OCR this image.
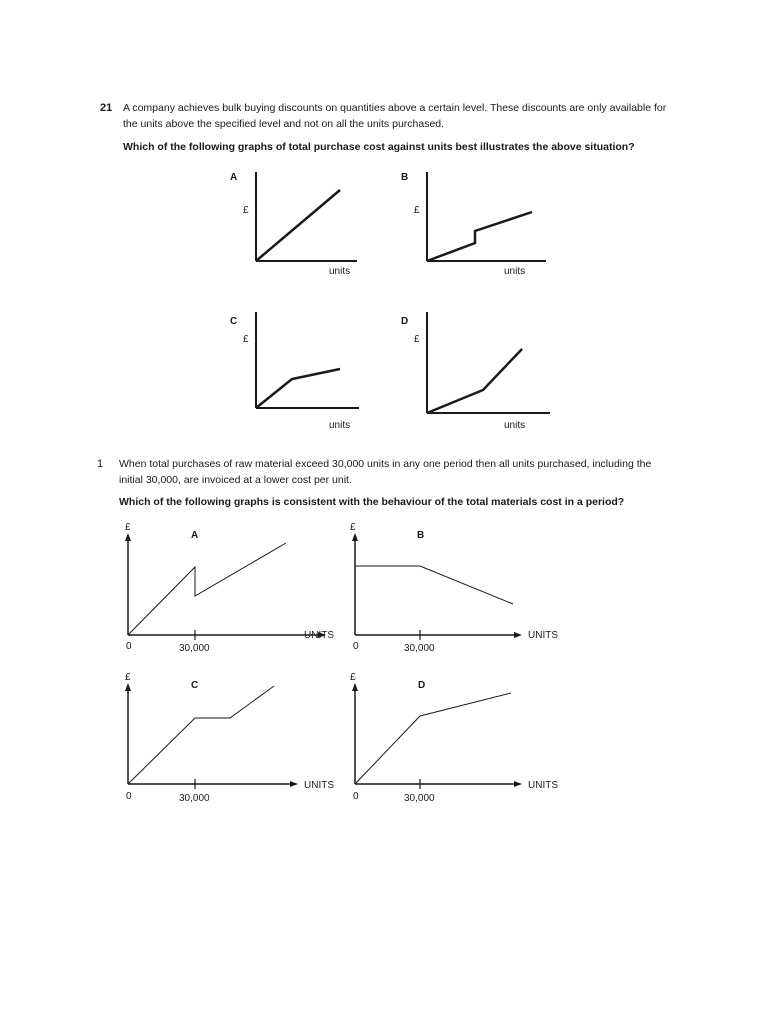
21 A company achieves bulk buying discounts on quantities above a certain level. These discounts are only available for
the units above the specified level and not on all the units purchased.
Which of the following graphs of total purchase cost against units best illustrates the above situation?
A
£
units
B
£
units
C
£
units
D
£
units
1 When total purchases of raw material exceed 30,000 units in any one period then all units purchased, including the
initial 30,000, are invoiced at a lower cost per unit.
Which of the following graphs is consistent with the behaviour of the total materials cost in a period?
£
A
0	30,000
UNITS
£
B
0	30,000
UNITS
£
C
0	30,000
UNITS
£
D
0	30,000
UNITS
